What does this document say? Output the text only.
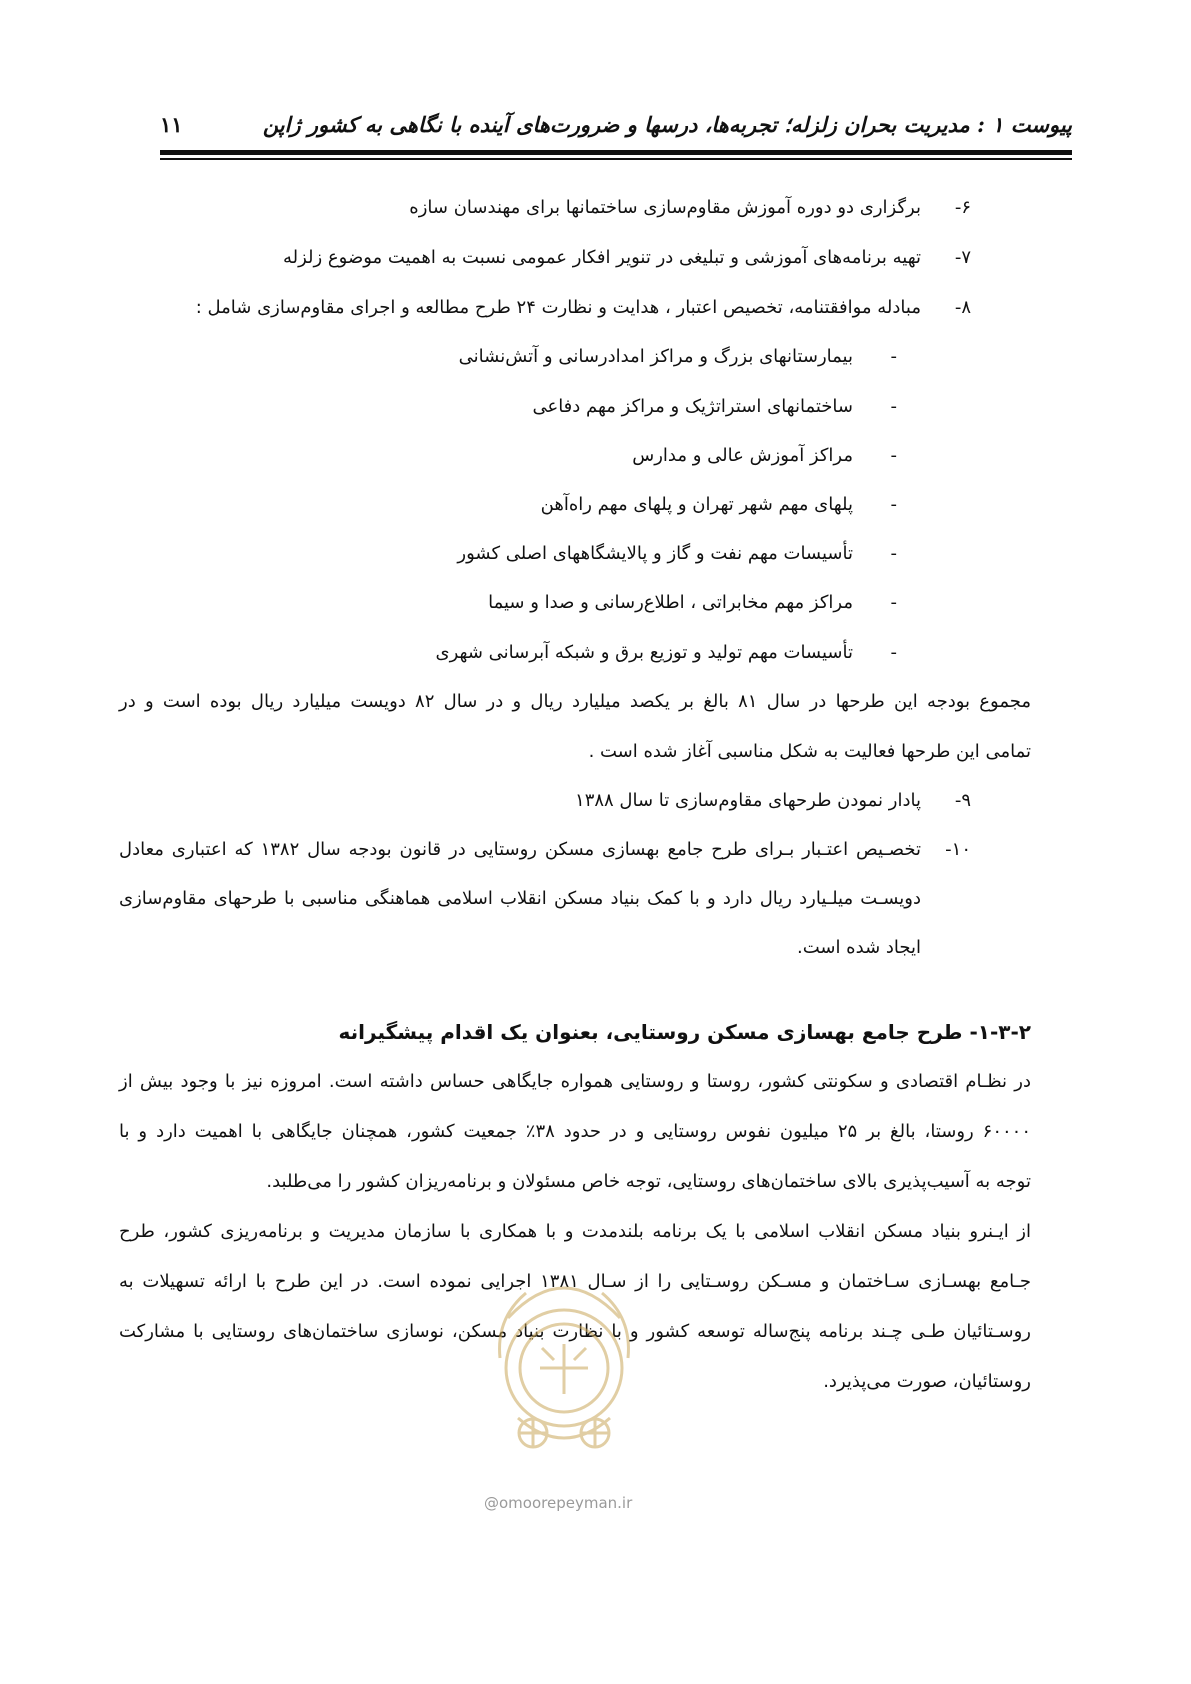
پیوست ۱ : مدیریت بحران زلزله؛ تجربه‌ها، درسها و ضرورت‌های آینده با نگاهی به کشور ژاپن
۱۱
۶-
برگزاری دو دوره آموزش مقاوم‌سازی ساختمانها برای مهندسان سازه
۷-
تهیه برنامه‌های آموزشی و تبلیغی در تنویر افکار عمومی نسبت به اهمیت موضوع زلزله
۸-
مبادله موافقتنامه، تخصیص اعتبار ، هدایت و نظارت ۲۴ طرح مطالعه و اجرای مقاوم‌سازی شامل :
-
بیمارستانهای بزرگ و مراکز امدادرسانی و آتش‌نشانی
-
ساختمانهای استراتژیک و مراکز مهم دفاعی
-
مراکز آموزش عالی و مدارس
-
پلهای مهم شهر تهران و پلهای مهم راه‌آهن
-
تأسیسات مهم نفت و گاز و پالایشگاههای اصلی کشور
-
مراکز مهم مخابراتی ، اطلاع‌رسانی و صدا و سیما
-
تأسیسات مهم تولید و توزیع برق و شبکه آبرسانی شهری
مجموع بودجه این طرحها در سال ۸۱ بالغ بر یکصد میلیارد ریال و در سال ۸۲ دویست میلیارد ریال بوده است و در
تمامی این طرحها فعالیت به شکل مناسبی آغاز شده است .
۹-
پادار نمودن طرحهای مقاوم‌سازی تا سال ۱۳۸۸
۱۰-
تخصـیص اعتـبار بـرای طرح جامع بهسازی مسکن روستایی در قانون بودجه سال ۱۳۸۲ که اعتباری معادل
دویسـت میلـیارد ریال دارد و با کمک بنیاد مسکن انقلاب اسلامی هماهنگی مناسبی با طرحهای مقاوم‌سازی
ایجاد شده است.
۱-۳-۲- طرح جامع بهسازی مسکن روستایی، بعنوان یک اقدام پیشگیرانه
در نظـام اقتصادی و سکونتی کشور، روستا و روستایی همواره جایگاهی حساس داشته است. امروزه نیز با وجود بیش از
۶۰۰۰۰ روستا، بالغ بر ۲۵ میلیون نفوس روستایی و در حدود ۳۸٪ جمعیت کشور، همچنان جایگاهی با اهمیت دارد و با
توجه به آسیب‌پذیری بالای ساختمان‌های روستایی، توجه خاص مسئولان و برنامه‌ریزان کشور را می‌طلبد.
از ایـنرو بنیاد مسکن انقلاب اسلامی با یک برنامه بلندمدت و با همکاری با سازمان مدیریت و برنامه‌ریزی کشور، طرح
جـامع بهسـازی سـاختمان و مسـکن روسـتایی را از سـال ۱۳۸۱ اجرایی نموده است. در این طرح با ارائه تسهیلات به
روسـتائیان طـی چـند برنامه پنج‌ساله توسعه کشور و با نظارت بنیاد مسکن، نوسازی ساختمان‌های روستایی با مشارکت
روستائیان، صورت می‌پذیرد.
@omoorepeyman.ir
